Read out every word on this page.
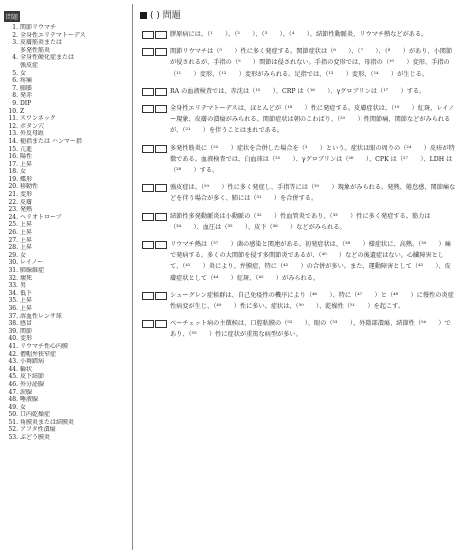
問題
1. 関節リウマチ
2. 全身性エリテマトーデス
3. 皮膚筋炎または
多発性筋炎
4. 全身性硬化症または
強皮症
5. 女
6. 疼痛
7. 腫脹
8. 発赤
9. DIP
10. Z
11. スワンネック
12. ボタン穴
13. 外反母趾
14. 槌指または ハンマー指
15. 亢進
16. 陽性
17. 上昇
18. 女
19. 蝶形
20. 移動性
21. 変形
22. 皮膚
23. 発熱
24. ヘリオトロープ
25. 上昇
26. 上昇
27. 上昇
28. 上昇
29. 女
30. レイノー
31. 肺線維症
32. 壊死
33. 男
34. 低下
35. 上昇
36. 上昇
37. 溶血性レンサ球
38. 感冒
39. 関節
40. 変形
41. リウマチ性心内膜
42. 僧帽弁狭窄症
43. 小舞踏病
44. 輪状
45. 皮下結節
46. 外分泌腺
47. 涙腺
48. 唾液腺
49. 女
50. 口内乾燥症
51. 角膜炎または結膜炎
52. アフタ性潰瘍
53. ぶどう膜炎
( ) 問題

膠原病には、（¹　　）、（²　　）、（³　　）、（⁴　　）、結節性動脈炎、リウマチ熱などがある。

関節リウマチは（⁵　　）性に多く発症する。関節症状は（⁶　　）、（⁷　　）、（⁸　　）があり、小関節が侵されるが、手指の（⁹　　）関節は侵されない。手指の変形では、母指の（¹⁰　　）変形、手指の（¹¹　　）変形、（¹²　　）変形がみられる。足指では、（¹³　　）変形、（¹⁴　　）が生じる。

RA の血液検査では、赤沈は（¹⁵　　）、CRP は（¹⁶　　）、γグロブリンは（¹⁷　　）する。

全身性エリテマトーデスは、ほとんどが（¹⁸　　）性に発症する。皮膚症状は、（¹⁹　　）紅斑、レイノー現象、皮膚の潰瘍がみられる。関節症状は朝のこわばり、（²⁰　　）性関節痛、関節などがみられるが、（²¹　　）を伴うことはまれである。

多発性筋炎に（²²　　）症状を合併した場合を（³　　）という。症状は眼の周りの（²⁴　　）皮疹が特徴である。血液検査では、白血球は（²⁵　　）、γグロブリンは（²⁶　　）、CPK は（²⁷　　）、LDH は（²⁸　　）する。

強皮症は、（²⁹　　）性に多く発症し、手指等には（³⁰　　）現象がみられる。発熱、倦怠感、関節痛などを伴う場合が多く、肺には（³¹　　）を合併する。

結節性多発動脈炎は小動脈の（³²　　）性血管炎であり、（³³　　）性に多く発症する。筋力は（³⁴　　）、血圧は（³⁵　　）、皮下（³⁶　　）などがみられる。

リウマチ熱は（³⁷　　）菌の感染と関連がある。初発症状は、（³⁸　　）様症状に、高熱、（³⁹　　）痛で発病する。多くの大関節を侵す多関節炎であるが、（⁴⁰　　）などの後遺症はない。心臓障害として、（⁴¹　　）炎により、弁膜症、特に（⁴²　　）の合併が多い。また、運動障害として（⁴³　　）、皮膚症状として（⁴⁴　　）紅斑、（⁴⁵　　）がみられる。

シェーグレン症候群は、自己免疫性の機序により（⁴⁶　　）、特に（⁴⁷　　）と（⁴⁸　　）に慢性の炎症性病変が生じ、（⁴⁹　　）性に多い。症状は、（⁵⁰　　）、乾燥性（⁵¹　　）を起こす。

ベーチェット病の主徴候は、口腔粘膜の（⁵²　　）、眼の（⁵³　　）、外陰部潰瘍、結節性（⁵⁴　　）であり、（⁵⁵　　）性に症状が重篤な病型が多い。
